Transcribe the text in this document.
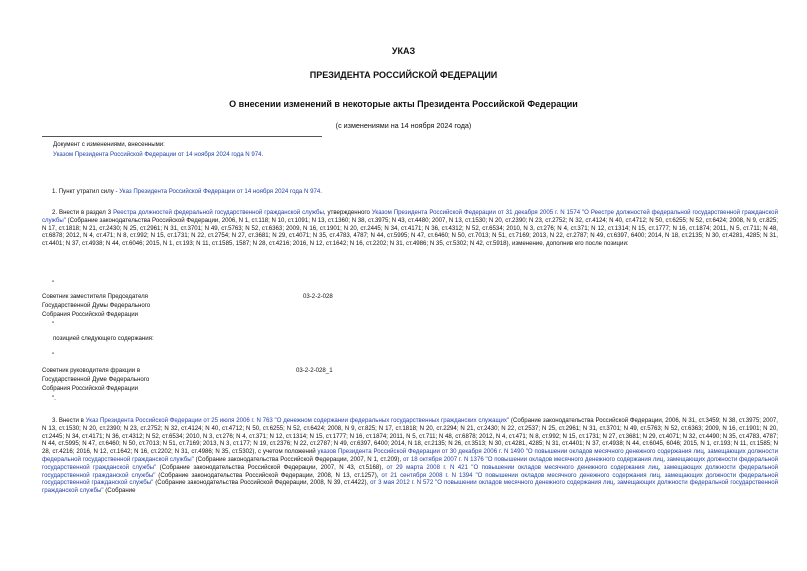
УКАЗ
ПРЕЗИДЕНТА РОССИЙСКОЙ ФЕДЕРАЦИИ
О внесении изменений в некоторые акты Президента Российской Федерации
(с изменениями на 14 ноября 2024 года)
Документ с изменениями, внесенными:
Указом Президента Российской Федерации от 14 ноября 2024 года N 974.
1. Пункт утратил силу - Указ Президента Российской Федерации от 14 ноября 2024 года N 974.
2. Внести в раздел 3 Реестра должностей федеральной государственной гражданской службы, утвержденного Указом Президента Российской Федерации от 31 декабря 2005 г. N 1574 "О Реестре должностей федеральной государственной гражданской службы" (Собрание законодательства Российской Федерации, 2006, N 1, ст.118; N 10, ст.1091; N 13, ст.1360; N 38, ст.3975; N 43, ст.4480; 2007, N 13, ст.1530; N 20, ст.2390; N 23, ст.2752; N 32, ст.4124; N 40, ст.4712; N 50, ст.6255; N 52, ст.6424; 2008, N 9, ст.825; N 17, ст.1818; N 21, ст.2430; N 25, ст.2961; N 31, ст.3701; N 49, ст.5763; N 52, ст.6363; 2009, N 16, ст.1901; N 20, ст.2445; N 34, ст.4171; N 36, ст.4312; N 52, ст.6534; 2010, N 3, ст.276; N 4, ст.371; N 12, ст.1314; N 15, ст.1777; N 16, ст.1874; 2011, N 5, ст.711; N 48, ст.6878; 2012, N 4, ст.471; N 8, ст.992; N 15, ст.1731; N 22, ст.2754; N 27, ст.3681; N 29, ст.4071; N 35, ст.4783, 4787; N 44, ст.5995; N 47, ст.6460; N 50, ст.7013; N 51, ст.7169; 2013, N 22, ст.2787; N 49, ст.6397, 6400; 2014, N 18, ст.2135; N 30, ст.4281, 4285; N 31, ст.4401; N 37, ст.4938; N 44, ст.6046; 2015, N 1, ст.193; N 11, ст.1585, 1587; N 28, ст.4216; 2016, N 12, ст.1642; N 16, ст.2202; N 31, ст.4986; N 35, ст.5302; N 42, ст.5918), изменение, дополнив его после позиции:
"
Советник заместителя Председателя
Государственной Думы Федерального
Собрания Российской Федерации
03-2-2-028
"
позицией следующего содержания:
"
Советник руководителя фракции в
Государственной Думе Федерального
Собрания Российской Федерации
03-2-2-028_1
".
3. Внести в Указ Президента Российской Федерации от 25 июля 2006 г. N 763 "О денежном содержании федеральных государственных гражданских служащих" (Собрание законодательства Российской Федерации, 2006, N 31, ст.3459; N 38, ст.3975; 2007, N 13, ст.1530; N 20, ст.2390; N 23, ст.2752; N 32, ст.4124; N 40, ст.4712; N 50, ст.6255; N 52, ст.6424; 2008, N 9, ст.825; N 17, ст.1818; N 20, ст.2294; N 21, ст.2430; N 22, ст.2537; N 25, ст.2961; N 31, ст.3701; N 49, ст.5763; N 52, ст.6363; 2009, N 16, ст.1901; N 20, ст.2445; N 34, ст.4171; N 36, ст.4312; N 52, ст.6534; 2010, N 3, ст.276; N 4, ст.371; N 12, ст.1314; N 15, ст.1777; N 16, ст.1874; 2011, N 5, ст.711; N 48, ст.6878; 2012, N 4, ст.471; N 8, ст.992; N 15, ст.1731; N 27, ст.3681; N 29, ст.4071; N 32, ст.4490; N 35, ст.4783, 4787; N 44, ст.5995; N 47, ст.6460; N 50, ст.7013; N 51, ст.7169; 2013, N 3, ст.177; N 19, ст.2376; N 22, ст.2787; N 49, ст.6397, 6400; 2014, N 18, ст.2135; N 26, ст.3513; N 30, ст.4281, 4285; N 31, ст.4401; N 37, ст.4938; N 44, ст.6045, 6046; 2015, N 1, ст.193; N 11, ст.1585; N 28, ст.4216; 2016, N 12, ст.1642; N 16, ст.2202; N 31, ст.4986; N 35, ст.5302), с учетом положений указов Президента Российской Федерации от 30 декабря 2006 г. N 1490 "О повышении окладов месячного денежного содержания лиц, замещающих должности федеральной государственной гражданской службы" (Собрание законодательства Российской Федерации, 2007, N 1, ст.209), от 18 октября 2007 г. N 1376 "О повышении окладов месячного денежного содержания лиц, замещающих должности федеральной государственной гражданской службы" (Собрание законодательства Российской Федерации, 2007, N 43, ст.5168), от 29 марта 2008 г. N 421 "О повышении окладов месячного денежного содержания лиц, замещающих должности федеральной государственной гражданской службы" (Собрание законодательства Российской Федерации, 2008, N 13, ст.1257), от 21 сентября 2008 г. N 1394 "О повышении окладов месячного денежного содержания лиц, замещающих должности федеральной государственной гражданской службы" (Собрание законодательства Российской Федерации, 2008, N 39, ст.4422), от 3 мая 2012 г. N 572 "О повышении окладов месячного денежного содержания лиц, замещающих должности федеральной государственной гражданской службы" (Собрание
